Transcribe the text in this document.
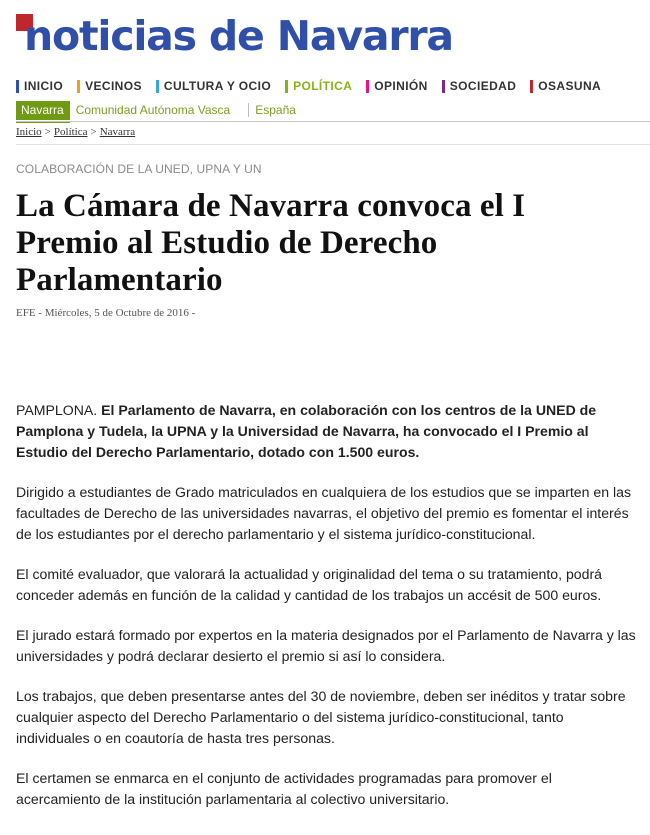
noticias de Navarra
INICIO VECINOS CULTURA Y OCIO POLÍTICA OPINIÓN SOCIEDAD OSASUNA
Navarra	Comunidad Autónoma Vasca	España
Inicio > Política > Navarra
COLABORACIÓN DE LA UNED, UPNA Y UN
La Cámara de Navarra convoca el I Premio al Estudio de Derecho Parlamentario
EFE - Miércoles, 5 de Octubre de 2016 -

PAMPLONA. El Parlamento de Navarra, en colaboración con los centros de la UNED de Pamplona y Tudela, la UPNA y la Universidad de Navarra, ha convocado el I Premio al Estudio del Derecho Parlamentario, dotado con 1.500 euros.

Dirigido a estudiantes de Grado matriculados en cualquiera de los estudios que se imparten en las facultades de Derecho de las universidades navarras, el objetivo del premio es fomentar el interés de los estudiantes por el derecho parlamentario y el sistema jurídico-constitucional.

El comité evaluador, que valorará la actualidad y originalidad del tema o su tratamiento, podrá conceder además en función de la calidad y cantidad de los trabajos un accésit de 500 euros.

El jurado estará formado por expertos en la materia designados por el Parlamento de Navarra y las universidades y podrá declarar desierto el premio si así lo considera.

Los trabajos, que deben presentarse antes del 30 de noviembre, deben ser inéditos y tratar sobre cualquier aspecto del Derecho Parlamentario o del sistema jurídico-constitucional, tanto individuales o en coautoría de hasta tres personas.

El certamen se enmarca en el conjunto de actividades programadas para promover el acercamiento de la institución parlamentaria al colectivo universitario.
